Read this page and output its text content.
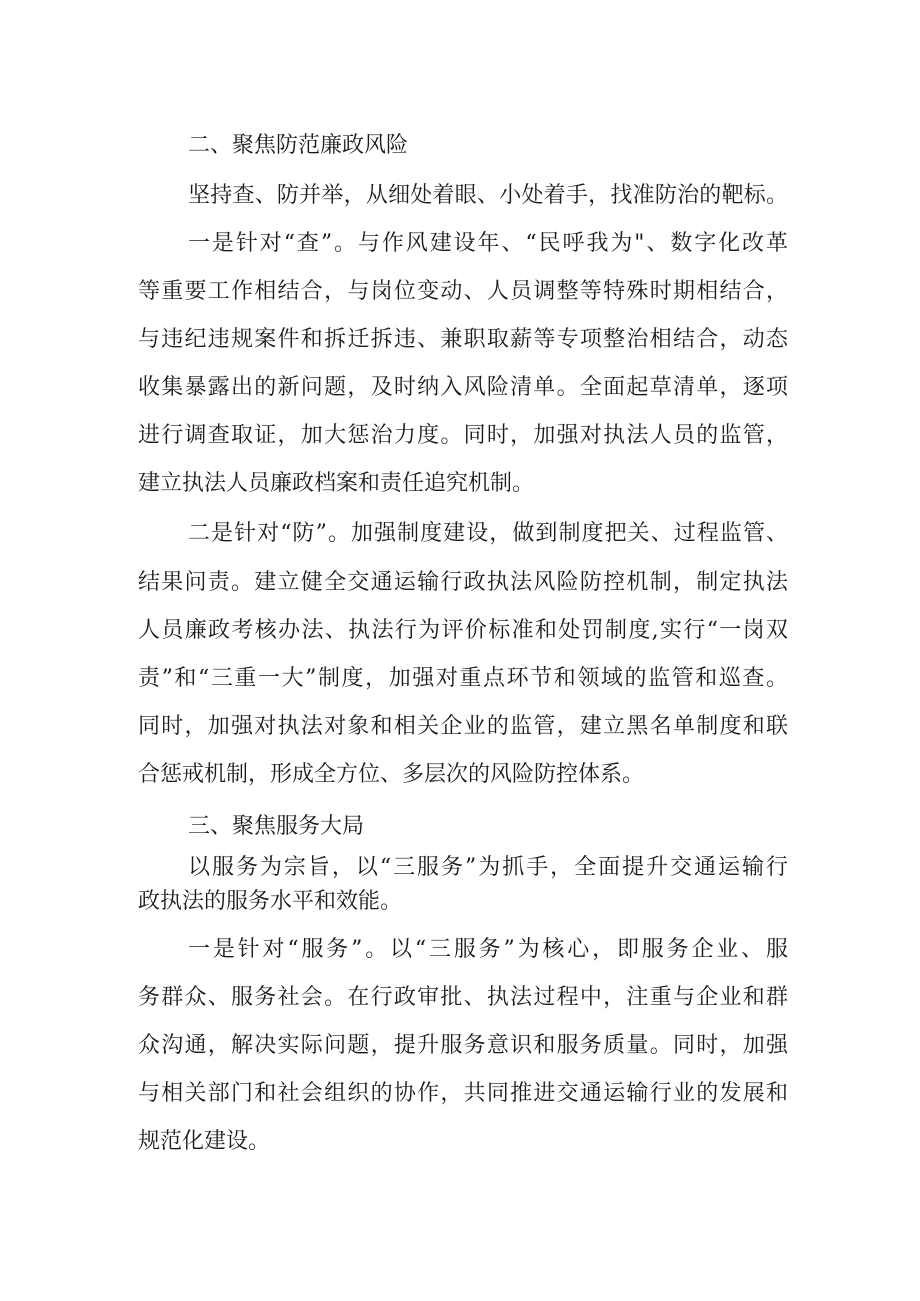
二、聚焦防范廉政风险

坚持查、防并举，从细处着眼、小处着手，找准防治的靶标。

一是针对“查”。与作风建设年、“民呼我为"、数字化改革

等重要工作相结合，与岗位变动、人员调整等特殊时期相结合，

与违纪违规案件和拆迁拆违、兼职取薪等专项整治相结合，动态

收集暴露出的新问题，及时纳入风险清单。全面起草清单，逐项

进行调查取证，加大惩治力度。同时，加强对执法人员的监管，

建立执法人员廉政档案和责任追究机制。

二是针对“防”。加强制度建设，做到制度把关、过程监管、

结果问责。建立健全交通运输行政执法风险防控机制，制定执法

人员廉政考核办法、执法行为评价标准和处罚制度,实行“一岗双

责”和“三重一大”制度，加强对重点环节和领域的监管和巡查。

同时，加强对执法对象和相关企业的监管，建立黑名单制度和联

合惩戒机制，形成全方位、多层次的风险防控体系。

三、聚焦服务大局

以服务为宗旨，以“三服务”为抓手，全面提升交通运输行

政执法的服务水平和效能。

一是针对“服务”。以“三服务”为核心，即服务企业、服

务群众、服务社会。在行政审批、执法过程中，注重与企业和群

众沟通，解决实际问题，提升服务意识和服务质量。同时，加强

与相关部门和社会组织的协作，共同推进交通运输行业的发展和

规范化建设。
